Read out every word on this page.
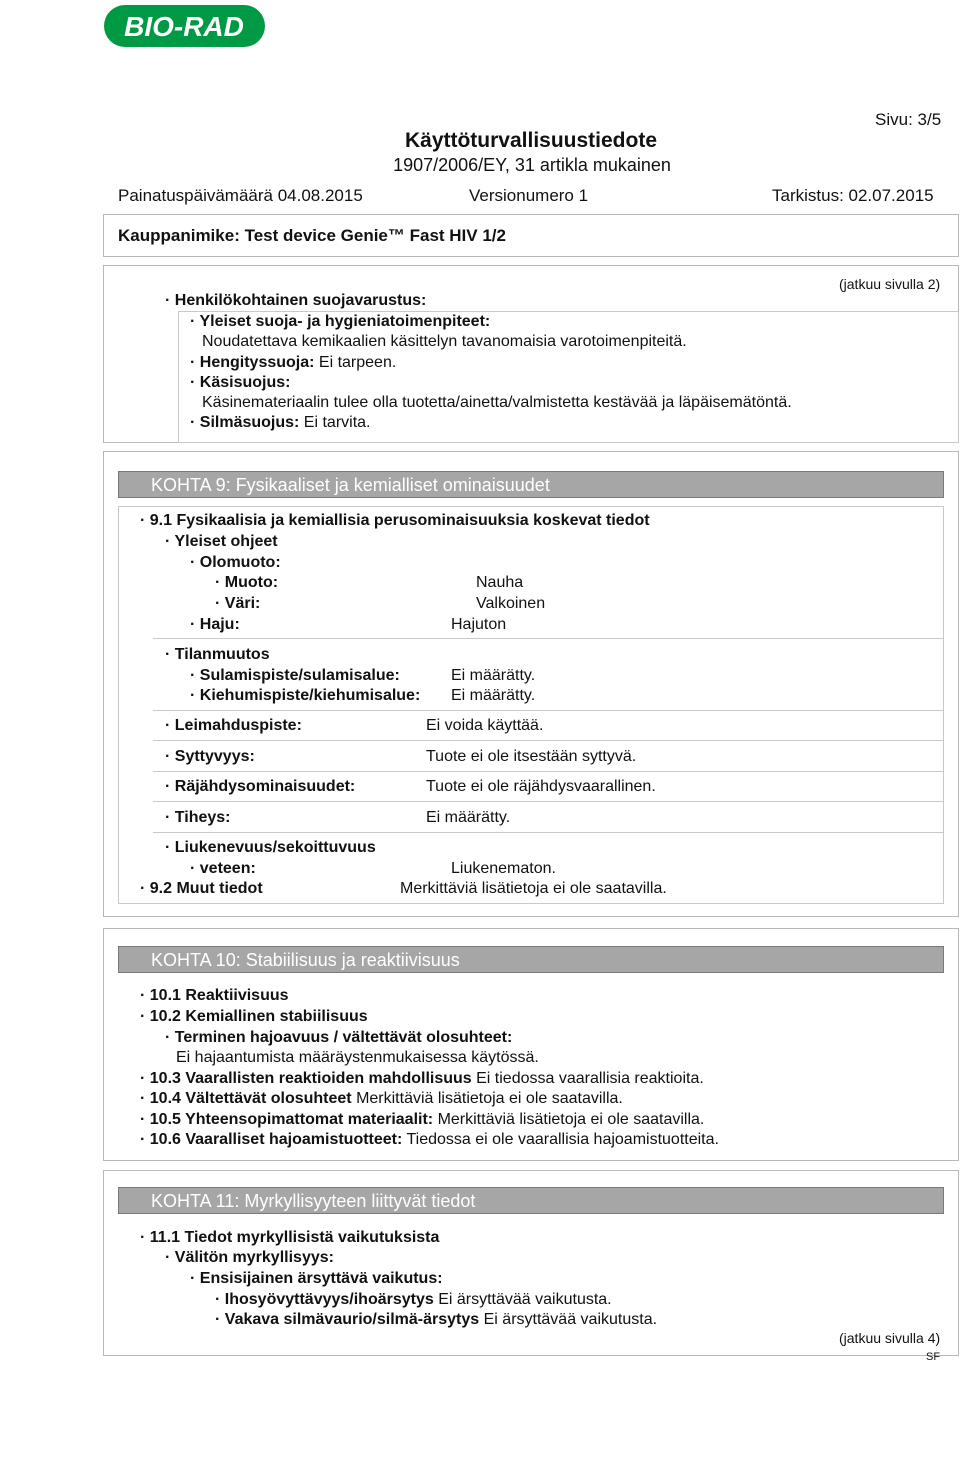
BIO-RAD
Sivu: 3/5
Käyttöturvallisuustiedote
1907/2006/EY, 31 artikla mukainen
Painatuspäivämäärä 04.08.2015	Versionumero 1	Tarkistus: 02.07.2015
Kauppanimike: Test device Genie™ Fast HIV 1/2
(jatkuu sivulla 2)
· Henkilökohtainen suojavarustus:
· Yleiset suoja- ja hygieniatoimenpiteet:
Noudatettava kemikaalien käsittelyn tavanomaisia varotoimenpiteitä.
· Hengityssuoja: Ei tarpeen.
· Käsisuojus:
Käsinemateriaalin tulee olla tuotetta/ainetta/valmistetta kestävää ja läpäisemätöntä.
· Silmäsuojus: Ei tarvita.
KOHTA 9: Fysikaaliset ja kemialliset ominaisuudet
· 9.1 Fysikaalisia ja kemiallisia perusominaisuuksia koskevat tiedot
· Yleiset ohjeet
· Olomuoto:
· Muoto:	Nauha
· Väri:	Valkoinen
· Haju:	Hajuton
· Tilanmuutos
· Sulamispiste/sulamisalue:	Ei määrätty.
· Kiehumispiste/kiehumisalue: Ei määrätty.
· Leimahduspiste:	Ei voida käyttää.
· Syttyvyys:	Tuote ei ole itsestään syttyvä.
· Räjähdysominaisuudet:	Tuote ei ole räjähdysvaarallinen.
· Tiheys:	Ei määrätty.
· Liukenevuus/sekoittuvuus
· veteen:	Liukenematon.
· 9.2 Muut tiedot	Merkittäviä lisätietoja ei ole saatavilla.
KOHTA 10: Stabiilisuus ja reaktiivisuus
· 10.1 Reaktiivisuus
· 10.2 Kemiallinen stabiilisuus
· Terminen hajoavuus / vältettävät olosuhteet:
Ei hajaantumista määräystenmukaisessa käytössä.
· 10.3 Vaarallisten reaktioiden mahdollisuus Ei tiedossa vaarallisia reaktioita.
· 10.4 Vältettävät olosuhteet Merkittäviä lisätietoja ei ole saatavilla.
· 10.5 Yhteensopimattomat materiaalit: Merkittäviä lisätietoja ei ole saatavilla.
· 10.6 Vaaralliset hajoamistuotteet: Tiedossa ei ole vaarallisia hajoamistuotteita.
KOHTA 11: Myrkyllisyyteen liittyvät tiedot
· 11.1 Tiedot myrkyllisistä vaikutuksista
· Välitön myrkyllisyys:
· Ensisijainen ärsyttävä vaikutus:
· Ihosyövyttävyys/ihoärsytys Ei ärsyttävää vaikutusta.
· Vakava silmävaurio/silmä-ärsytys Ei ärsyttävää vaikutusta.
(jatkuu sivulla 4)
SF
